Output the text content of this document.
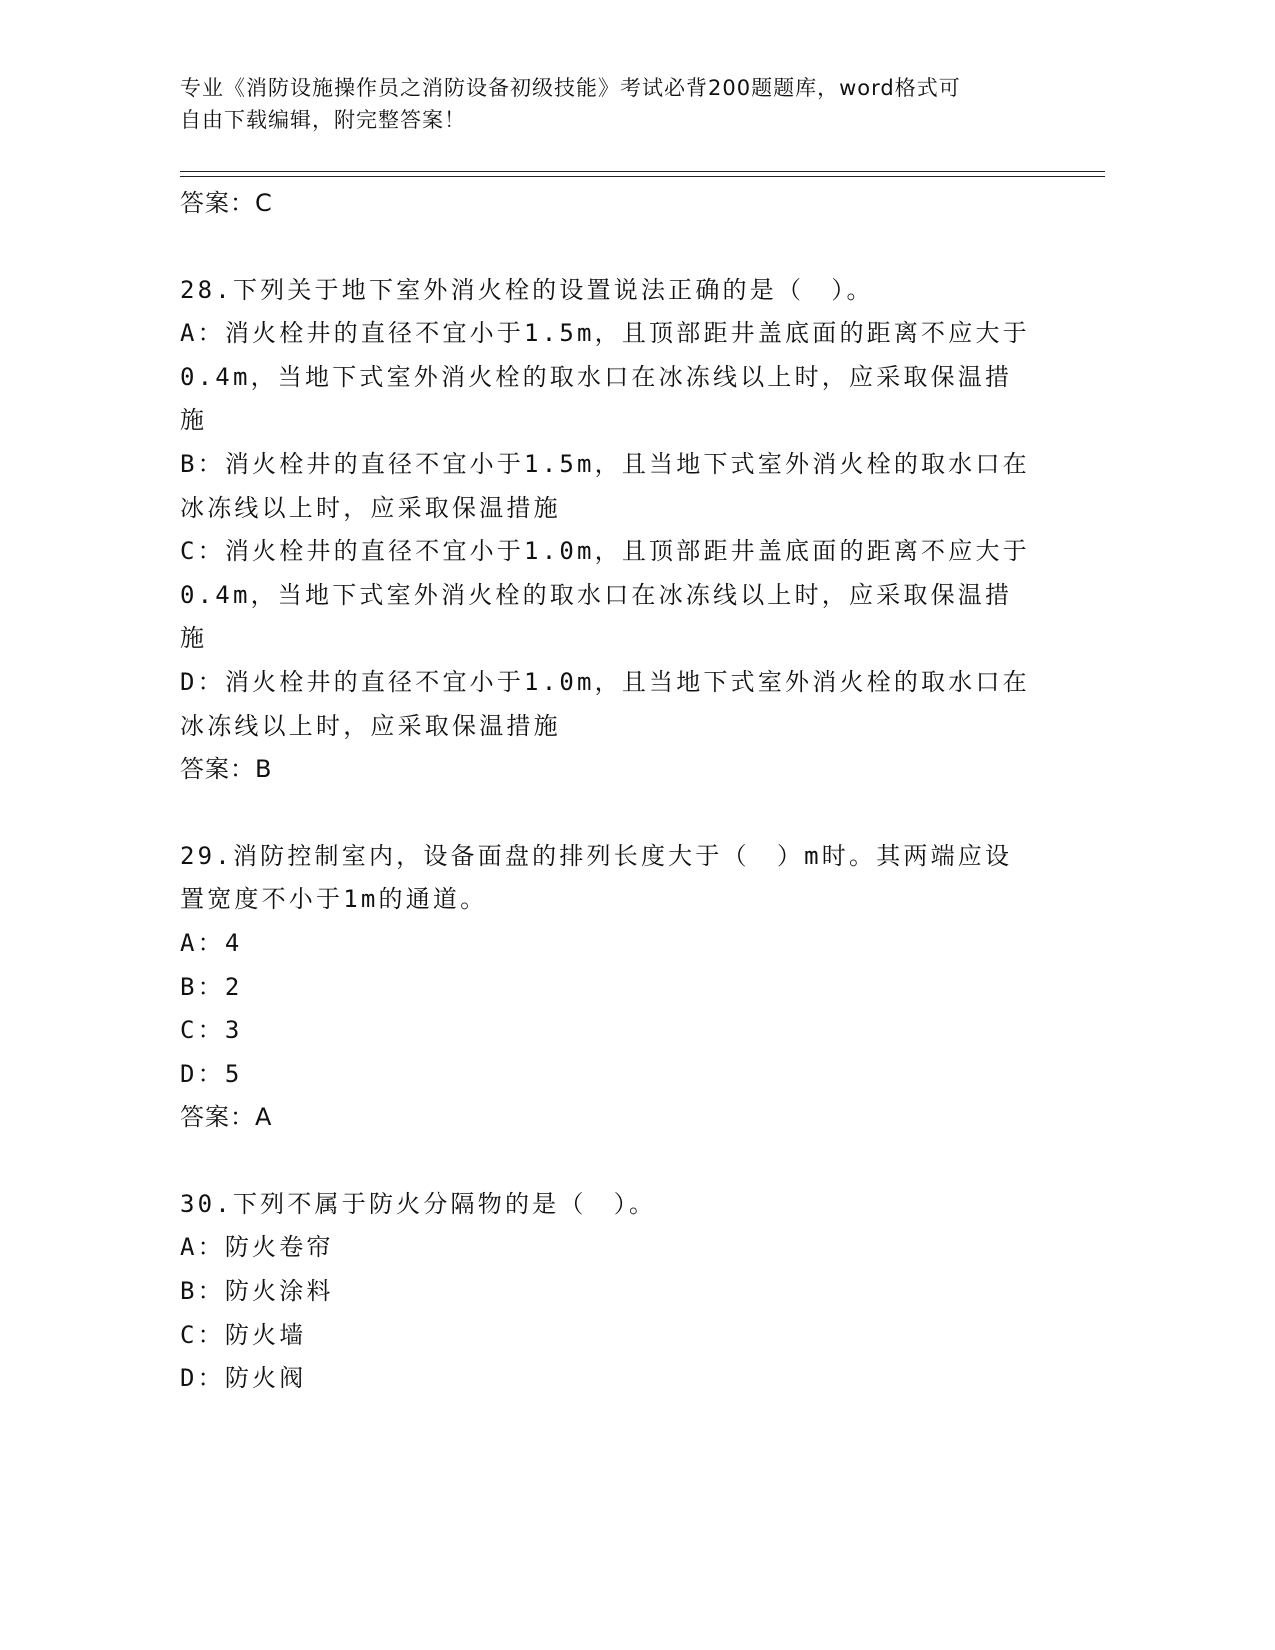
专业《消防设施操作员之消防设备初级技能》考试必背200题题库，word格式可
自由下载编辑，附完整答案！
答案：C
28.下列关于地下室外消火栓的设置说法正确的是（　）。
A：消火栓井的直径不宜小于1.5m，且顶部距井盖底面的距离不应大于
0.4m，当地下式室外消火栓的取水口在冰冻线以上时，应采取保温措
施
B：消火栓井的直径不宜小于1.5m，且当地下式室外消火栓的取水口在
冰冻线以上时，应采取保温措施
C：消火栓井的直径不宜小于1.0m，且顶部距井盖底面的距离不应大于
0.4m，当地下式室外消火栓的取水口在冰冻线以上时，应采取保温措
施
D：消火栓井的直径不宜小于1.0m，且当地下式室外消火栓的取水口在
冰冻线以上时，应采取保温措施
答案：B
29.消防控制室内，设备面盘的排列长度大于（　）m时。其两端应设
置宽度不小于1m的通道。
A：4
B：2
C：3
D：5
答案：A
30.下列不属于防火分隔物的是（　）。
A：防火卷帘
B：防火涂料
C：防火墙
D：防火阀
